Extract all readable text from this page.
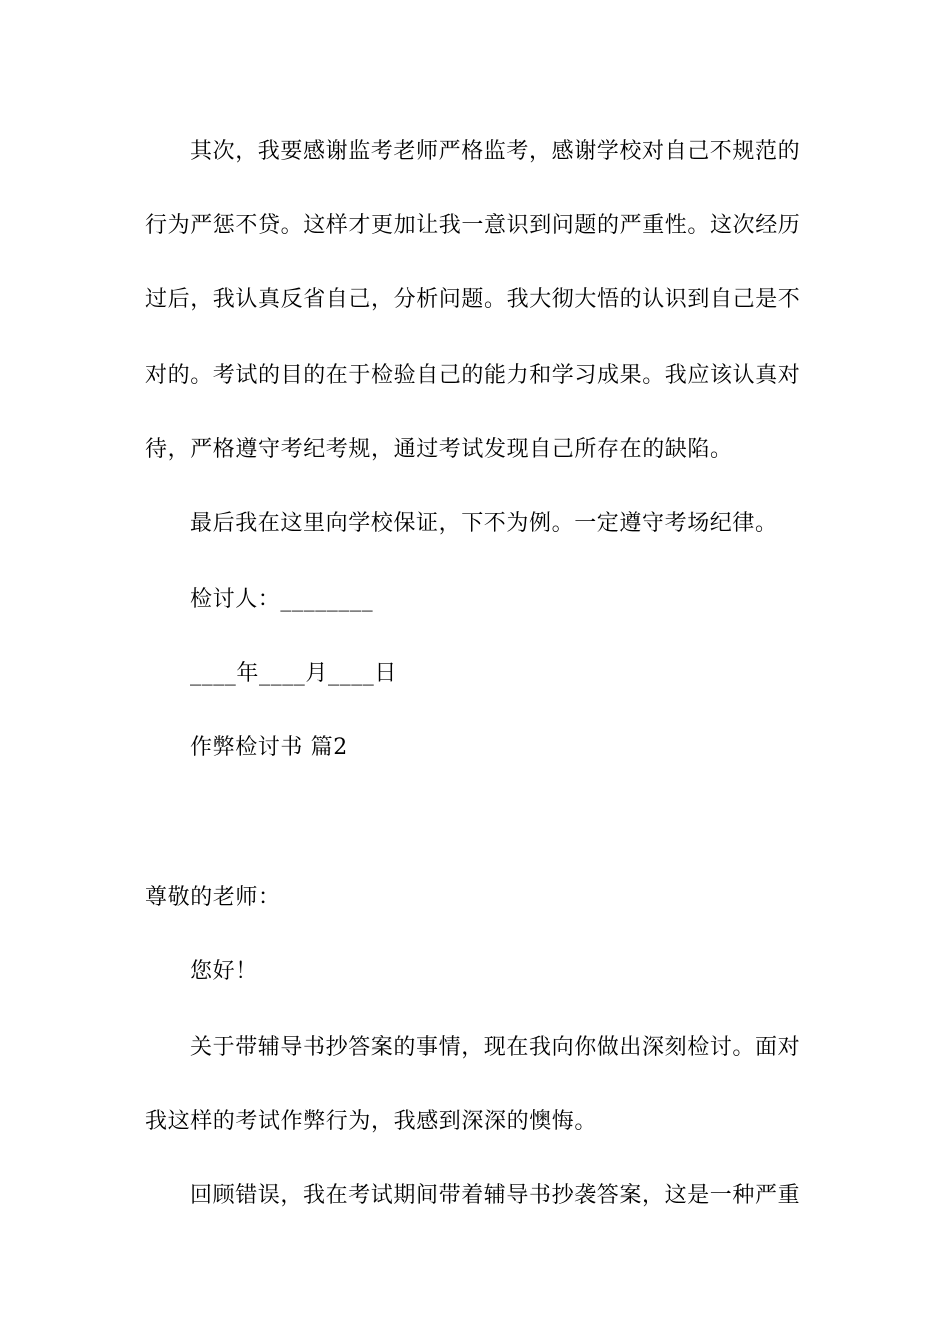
其次，我要感谢监考老师严格监考，感谢学校对自己不规范的
行为严惩不贷。这样才更加让我一意识到问题的严重性。这次经历
过后，我认真反省自己，分析问题。我大彻大悟的认识到自己是不
对的。考试的目的在于检验自己的能力和学习成果。我应该认真对
待，严格遵守考纪考规，通过考试发现自己所存在的缺陷。
最后我在这里向学校保证，下不为例。一定遵守考场纪律。
检讨人：________
____年____月____日
作弊检讨书 篇2
尊敬的老师：
您好！
关于带辅导书抄答案的事情，现在我向你做出深刻检讨。面对
我这样的考试作弊行为，我感到深深的懊悔。
回顾错误，我在考试期间带着辅导书抄袭答案，这是一种严重
